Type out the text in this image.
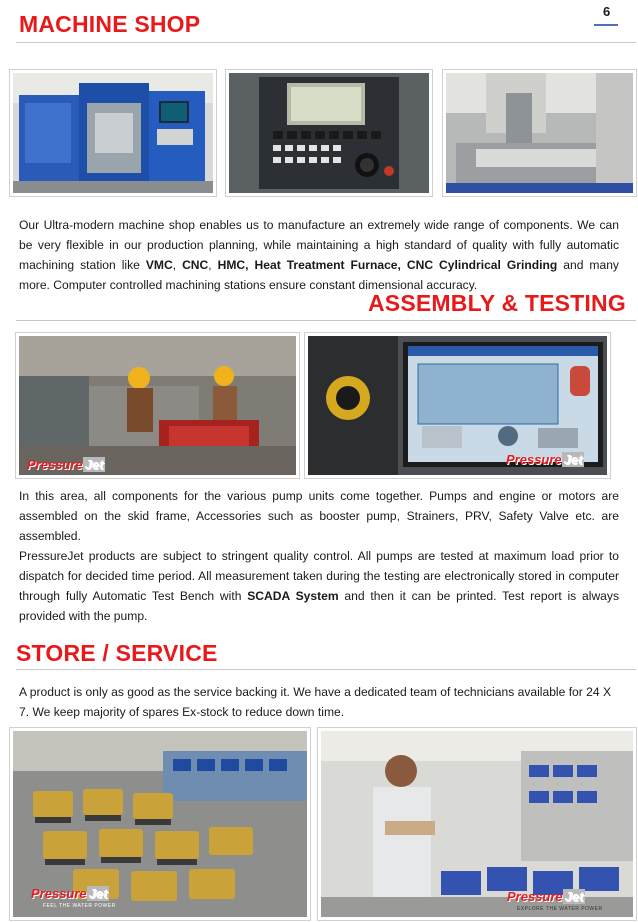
6
MACHINE SHOP
Our Ultra-modern machine shop enables us to manufacture an extremely wide range of components. We can be very flexible in our production planning, while maintaining a high standard of quality with fully automatic machining station like VMC, CNC, HMC, Heat Treatment Furnace, CNC Cylindrical Grinding and many more. Computer controlled machining stations ensure constant dimensional accuracy.
ASSEMBLY & TESTING
Pressure Jet	Pressure Jet
In this area, all components for the various pump units come together. Pumps and engine or motors are assembled on the skid frame, Accessories such as booster pump, Strainers, PRV, Safety Valve etc. are assembled.
PressureJet products are subject to stringent quality control. All pumps are tested at maximum load prior to dispatch for decided time period. All measurement taken during the testing are electronically stored in computer through fully Automatic Test Bench with SCADA System and then it can be printed. Test report is always provided with the pump.
STORE / SERVICE
A product is only as good as the service backing it. We have a dedicated team of technicians available for 24 X 7. We keep majority of spares Ex-stock to reduce down time.
Pressure Jet
FEEL THE WATER POWER
Pressure Jet
EXPLORE THE WATER POWER
